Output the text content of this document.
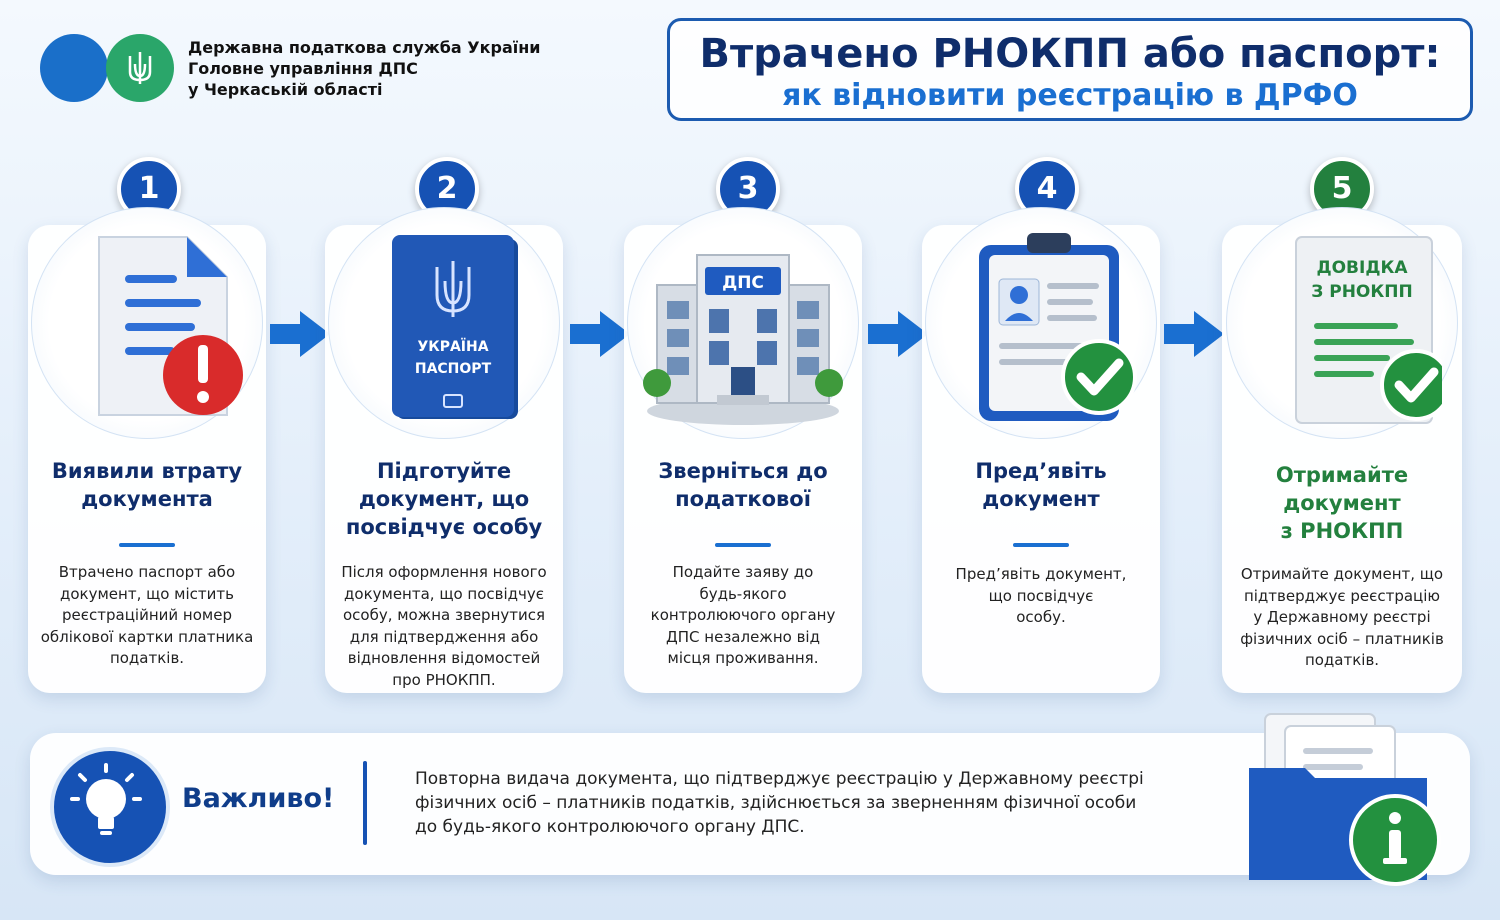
Державна податкова служба України
Головне управління ДПС
у Черкаській області
Втрачено РНОКПП або паспорт:
як відновити реєстрацію в ДРФО
1	2	3	4	5
Виявили втрату
документа

Втрачено паспорт або
документ, що містить
реєстраційний номер
облікової картки платника
податків.

УКРАЇНА
ПАСПОРТ
Підготуйте
документ, що
посвідчує особу

Після оформлення нового
документа, що посвідчує
особу, можна звернутися
для підтвердження або
відновлення відомостей
про РНОКПП.

ДПС
Зверніться до
податкової

Подайте заяву до
будь-якого
контролюючого органу
ДПС незалежно від
місця проживання.

Пред’явіть
документ

Пред’явіть документ,
що посвідчує
особу.

ДОВІДКА
З РНОКПП
Отримайте
документ
з РНОКПП

Отримайте документ, що
підтверджує реєстрацію
у Державному реєстрі
фізичних осіб – платників
податків.

Важливо!
Повторна видача документа, що підтверджує реєстрацію у Державному реєстрі
фізичних осіб – платників податків, здійснюється за зверненням фізичної особи
до будь-якого контролюючого органу ДПС.
